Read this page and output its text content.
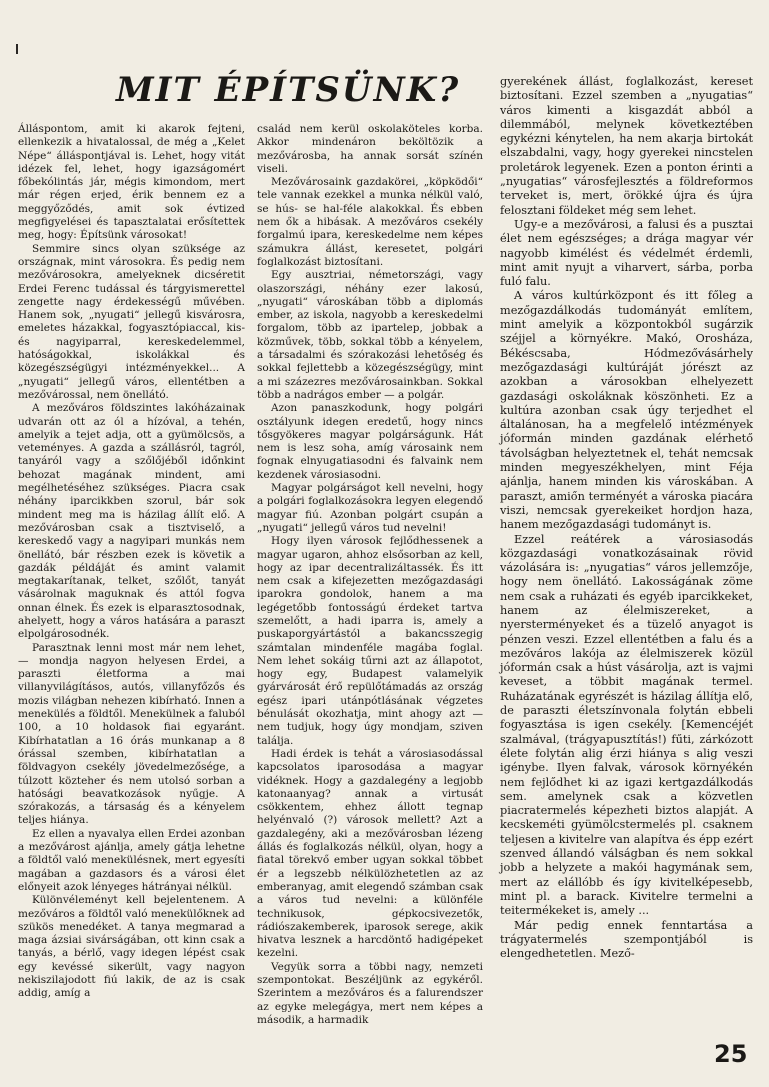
MIT ÉPÍTSÜNK?

Álláspontom, amit ki akarok fejteni, ellenkezik a hivatalossal, de még a „Kelet Népe“ álláspontjával is. Lehet, hogy vitát idézek fel, lehet, hogy igazságomért főbekólintás jár, mégis kimondom, mert már régen erjed, érik bennem ez a meggyőződés, amit sok évtized megfigyelései és tapasztalatai erősítettek meg, hogy: Építsünk városokat!

Semmire sincs olyan szüksége az országnak, mint városokra. És pedig nem mezővárosokra, amelyeknek dicséretit Erdei Ferenc tudással és tárgyismerettel zengette nagy érdekességű művében. Hanem sok, „nyugati“ jellegű kisvárosra, emeletes házakkal, fogyasztópiaccal, kis- és nagyiparral, kereskedelemmel, hatóságokkal, iskolákkal és közegészségügyi intézményekkel... A „nyugati“ jellegű város, ellentétben a mezővárossal, nem önellátó.

A mezőváros földszintes lakóházainak udvarán ott az ól a hízóval, a tehén, amelyik a tejet adja, ott a gyümölcsös, a veteményes. A gazda a szállásról, tagról, tanyáról vagy a szőlőjéből időnkint behozat magának mindent, ami megélhetéséhez szükséges. Piacra csak néhány iparcikkben szorul, bár sok mindent meg ma is házilag állít elő. A mezővárosban csak a tisztviselő, a kereskedő vagy a nagyipari munkás nem önellátó, bár részben ezek is követik a gazdák példáját és amint valamit megtakarítanak, telket, szőlőt, tanyát vásárolnak maguknak és attól fogva onnan élnek. És ezek is elparasztosodnak, ahelyett, hogy a város hatására a paraszt elpolgárosodnék.

Parasztnak lenni most már nem lehet, — mondja nagyon helyesen Erdei, a paraszti életforma a mai villanyvilágításos, autós, villanyfőzős és mozis világban nehezen kibírható. Innen a menekülés a földtől. Menekülnek a faluból 100, a 10 holdasok fiai egyaránt. Kibírhatatlan a 16 órás munkanap a 8 órással szemben, kibírhatatlan a földvagyon csekély jövedelmezősége, a túlzott közteher és nem utolsó sorban a hatósági beavatkozások nyűgje. A szórakozás, a társaság és a kényelem teljes hiánya.

Ez ellen a nyavalya ellen Erdei azonban a mezővárost ajánlja, amely gátja lehetne a földtől való menekülésnek, mert egyesíti magában a gazdasors és a városi élet előnyeit azok lényeges hátrányai nélkül.

Különvéleményt kell bejelentenem. A mezőváros a földtől való menekülőknek ad szükös menedéket. A tanya megmarad a maga ázsiai sivárságában, ott kinn csak a tanyás, a bérlő, vagy idegen lépést csak egy kevéssé sikerült, vagy nagyon nekiszilajodott fiú lakik, de az is csak addig, amíg a

család nem kerül oskolaköteles korba. Akkor mindenáron beköltözik a mezővárosba, ha annak sorsát színén viseli.

Mezővárosaink gazdakörei, „köpködői“ tele vannak ezekkel a munka nélkül való, se hús- se hal-féle alakokkal. És ebben nem ők a hibásak. A mezőváros csekély forgalmú ipara, kereskedelme nem képes számukra állást, keresetet, polgári foglalkozást biztosítani.

Egy ausztriai, németországi, vagy olaszországi, néhány ezer lakosú, „nyugati“ városkában több a diplomás ember, az iskola, nagyobb a kereskedelmi forgalom, több az ipartelep, jobbak a közművek, több, sokkal több a kényelem, a társadalmi és szórakozási lehetőség és sokkal fejlettebb a közegészségügy, mint a mi százezres mezővárosainkban. Sokkal több a nadrágos ember — a polgár.

Azon panaszkodunk, hogy polgári osztályunk idegen eredetű, hogy nincs tősgyökeres magyar polgárságunk. Hát nem is lesz soha, amíg városaink nem fognak elnyugatiasodni és falvaink nem kezdenek városiasodni.

Magyar polgárságot kell nevelni, hogy a polgári foglalkozásokra legyen elegendő magyar fiú. Azonban polgárt csupán a „nyugati“ jellegű város tud nevelni!

Hogy ilyen városok fejlődhessenek a magyar ugaron, ahhoz elsősorban az kell, hogy az ipar decentralizáltassék. És itt nem csak a kifejezetten mezőgazdasági iparokra gondolok, hanem a ma legégetőbb fontosságú érdeket tartva szemelőtt, a hadi iparra is, amely a puskaporgyártástól a bakancsszegig számtalan mindenféle magába foglal. Nem lehet sokáig tűrni azt az állapotot, hogy egy, Budapest valamelyik gyárvárosát érő repülőtámadás az ország egész ipari utánpótlásának végzetes bénulását okozhatja, mint ahogy azt — nem tudjuk, hogy úgy mondjam, sziven találja.

Hadi érdek is tehát a városiasodással kapcsolatos iparosodása a magyar vidéknek. Hogy a gazdalegény a legjobb katonaanyag? annak a virtusát csökkentem, ehhez állott tegnap helyénvaló (?) városok mellett? Azt a gazdalegény, aki a mezővárosban lézeng állás és foglalkozás nélkül, olyan, hogy a fiatal törekvő ember ugyan sokkal többet ér a legszebb nélkülözhetetlen az az emberanyag, amit elegendő számban csak a város tud nevelni: a különféle technikusok, gépkocsivezetők, rádiószakemberek, iparosok serege, akik hivatva lesznek a harcdöntő hadigépeket kezelni.

Vegyük sorra a többi nagy, nemzeti szempontokat. Beszéljünk az egykéről. Szerintem a mezőváros és a falurendszer az egyke melegágya, mert nem képes a második, a harmadik

gyerekének állást, foglalkozást, kereset biztosítani. Ezzel szemben a „nyugatias“ város kimenti a kisgazdát abból a dilemmából, melynek következtében egykézni kénytelen, ha nem akarja birtokát elszabdalni, vagy, hogy gyerekei nincstelen proletárok legyenek. Ezen a ponton érinti a „nyugatias“ városfejlesztés a földreformos terveket is, mert, örökké újra és újra felosztani földeket még sem lehet.

Ugy-e a mezővárosi, a falusi és a pusztai élet nem egészséges; a drága magyar vér nagyobb kimélést és védelmét érdemli, mint amit nyujt a viharvert, sárba, porba fuló falu.

A város kultúrközpont és itt főleg a mezőgazdálkodás tudományát említem, mint amelyik a központokból sugárzik széjjel a környékre. Makó, Orosháza, Békéscsaba, Hódmezővásárhely mezőgazdasági kultúráját jórészt az azokban a városokban elhelyezett gazdasági oskoláknak köszönheti. Ez a kultúra azonban csak úgy terjedhet el általánosan, ha a megfelelő intézmények jóformán minden gazdának elérhető távolságban helyeztetnek el, tehát nemcsak minden megyeszékhelyen, mint Féja ajánlja, hanem minden kis városkában. A paraszt, amiőn terményét a városka piacára viszi, nemcsak gyerekeiket hordjon haza, hanem mezőgazdasági tudományt is.

Ezzel reátérek a városiasodás közgazdasági vonatkozásainak rövid vázolására is: „nyugatias“ város jellemzője, hogy nem önellátó. Lakosságának zöme nem csak a ruházati és egyéb iparcikkeket, hanem az élelmiszereket, a nyersterményeket és a tüzelő anyagot is pénzen veszi. Ezzel ellentétben a falu és a mezőváros lakója az élelmiszerek közül jóformán csak a húst vásárolja, azt is vajmi keveset, a többit magának termel. Ruházatának egyrészét is házilag állítja elő, de paraszti életszínvonala folytán ebbeli fogyasztása is igen csekély. [Kemencéjét szalmával, (trágyapusztítás!) fűti, zárkózott élete folytán alig érzi hiánya s alig veszi igénybe. Ilyen falvak, városok környékén nem fejlődhet ki az igazi kertgazdálkodás sem. amelynek csak a közvetlen piacratermelés képezheti biztos alapját. A kecskeméti gyümölcstermelés pl. csaknem teljesen a kivitelre van alapítva és épp ezért szenved állandó válságban és nem sokkal jobb a helyzete a makói hagymának sem, mert az elállóbb és így kivitelképesebb, mint pl. a barack. Kivitelre termelni a teitermékeket is, amely ...

Már pedig ennek fenntartása a trágyatermelés szempontjából is elengedhetetlen. Mező-

25
